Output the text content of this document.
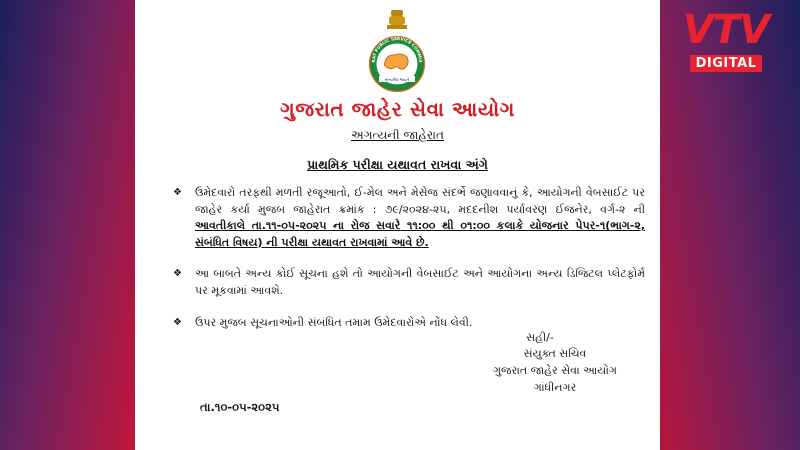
VTV
DIGITAL
RAT PUBLIC SERVICE COMMIS
સત્યમેવ જયતે
ગુજરાત જાહેર સેવા આયોગ
અગત્યની જાહેરાત
પ્રાથમિક પરીક્ષા યથાવત રાખવા અંગે
❖	ઉમેદવારો તરફથી મળતી રજૂઆતો, ઈ-મેલ અને મેસેજ સંદર્ભે જણાવવાનું કે, આયોગની વેબસાઈટ પર જાહેર કર્યા મુજબ જાહેરાત ક્રમાંક : ૭૯/૨૦૨૪-૨૫, મદદનીશ પર્યાવરણ ઈજનેર, વર્ગ-૨ ની આવતીકાલે તા.૧૧-૦૫-૨૦૨૫ ના રોજ સવારે ૧૧:૦૦ થી ૦૧:૦૦ કલાકે યોજનાર પેપર-૧(ભાગ-૨, સંબંધિત વિષય) ની પરીક્ષા યથાવત રાખવામાં આવે છે.
❖	આ બાબતે અન્ય કોઈ સૂચના હશે તો આયોગની વેબસાઈટ અને આયોગના અન્ય ડિજિટલ પ્લેટફોર્મ પર મૂકવામાં આવશે.
❖	ઉપર મુજબ સૂચનાઓની સંબંધિત તમામ ઉમેદવારોએ નોંધ લેવી.
સહી/-
સંયુક્ત સચિવ
ગુજરાત જાહેર સેવા આયોગ
ગાંધીનગર
તા.૧૦-૦૫-૨૦૨૫
